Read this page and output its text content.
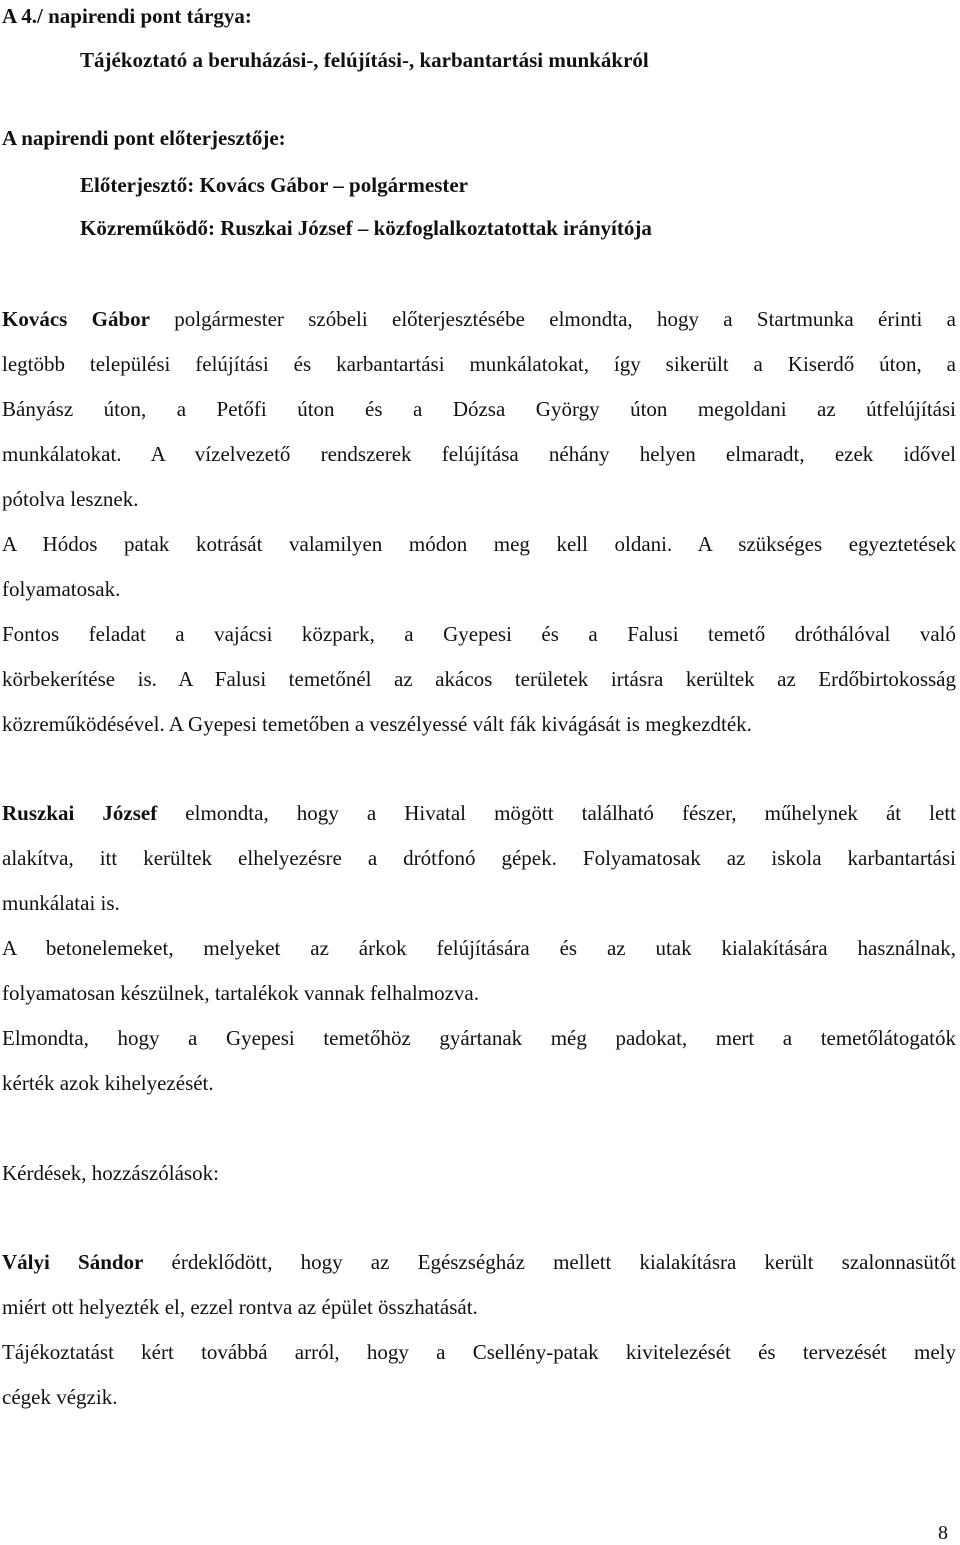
A 4./ napirendi pont tárgya:
Tájékoztató a beruházási-, felújítási-, karbantartási munkákról
A napirendi pont előterjesztője:
Előterjesztő: Kovács Gábor – polgármester
Közreműködő: Ruszkai József – közfoglalkoztatottak irányítója
Kovács Gábor polgármester szóbeli előterjesztésébe elmondta, hogy a Startmunka érinti a
legtöbb települési felújítási és karbantartási munkálatokat, így sikerült a Kiserdő úton, a
Bányász úton, a Petőfi úton és a Dózsa György úton megoldani az útfelújítási
munkálatokat. A vízelvezető rendszerek felújítása néhány helyen elmaradt, ezek idővel
pótolva lesznek.
A Hódos patak kotrását valamilyen módon meg kell oldani. A szükséges egyeztetések
folyamatosak.
Fontos feladat a vajácsi közpark, a Gyepesi és a Falusi temető dróthálóval való
körbekerítése is. A Falusi temetőnél az akácos területek irtásra kerültek az Erdőbirtokosság
közreműködésével. A Gyepesi temetőben a veszélyessé vált fák kivágását is megkezdték.
Ruszkai József elmondta, hogy a Hivatal mögött található fészer, műhelynek át lett
alakítva, itt kerültek elhelyezésre a drótfonó gépek. Folyamatosak az iskola karbantartási
munkálatai is.
A betonelemeket, melyeket az árkok felújítására és az utak kialakítására használnak,
folyamatosan készülnek, tartalékok vannak felhalmozva.
Elmondta, hogy a Gyepesi temetőhöz gyártanak még padokat, mert a temetőlátogatók
kérték azok kihelyezését.
Kérdések, hozzászólások:
Vályi Sándor érdeklődött, hogy az Egészségház mellett kialakításra került szalonnasütőt
miért ott helyezték el, ezzel rontva az épület összhatását.
Tájékoztatást kért továbbá arról, hogy a Csellény-patak kivitelezését és tervezését mely
cégek végzik.
8
